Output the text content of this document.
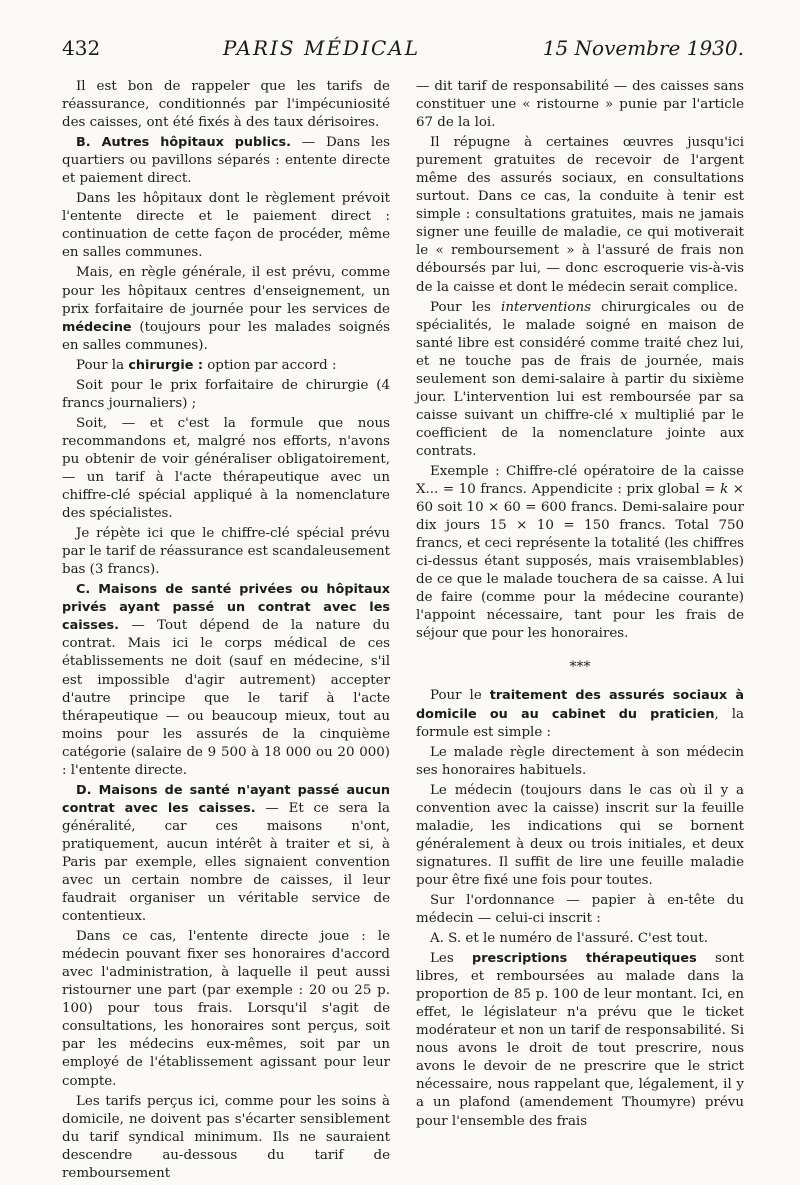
432	PARIS MÉDICAL	15 Novembre 1930.

Il est bon de rappeler que les tarifs de réassurance, conditionnés par l'impécuniosité des caisses, ont été fixés à des taux dérisoires.

B. Autres hôpitaux publics. — Dans les quartiers ou pavillons séparés : entente directe et paiement direct.

Dans les hôpitaux dont le règlement prévoit l'entente directe et le paiement direct : continuation de cette façon de procéder, même en salles communes.

Mais, en règle générale, il est prévu, comme pour les hôpitaux centres d'enseignement, un prix forfaitaire de journée pour les services de médecine (toujours pour les malades soignés en salles communes).

Pour la chirurgie : option par accord :

Soit pour le prix forfaitaire de chirurgie (4 francs journaliers) ;

Soit, — et c'est la formule que nous recommandons et, malgré nos efforts, n'avons pu obtenir de voir généraliser obligatoirement, — un tarif à l'acte thérapeutique avec un chiffre-clé spécial appliqué à la nomenclature des spécialistes.

Je répète ici que le chiffre-clé spécial prévu par le tarif de réassurance est scandaleusement bas (3 francs).

C. Maisons de santé privées ou hôpitaux privés ayant passé un contrat avec les caisses. — Tout dépend de la nature du contrat. Mais ici le corps médical de ces établissements ne doit (sauf en médecine, s'il est impossible d'agir autrement) accepter d'autre principe que le tarif à l'acte thérapeutique — ou beaucoup mieux, tout au moins pour les assurés de la cinquième catégorie (salaire de 9 500 à 18 000 ou 20 000) : l'entente directe.

D. Maisons de santé n'ayant passé aucun contrat avec les caisses. — Et ce sera la généralité, car ces maisons n'ont, pratiquement, aucun intérêt à traiter et si, à Paris par exemple, elles signaient convention avec un certain nombre de caisses, il leur faudrait organiser un véritable service de contentieux.

Dans ce cas, l'entente directe joue : le médecin pouvant fixer ses honoraires d'accord avec l'administration, à laquelle il peut aussi ristourner une part (par exemple : 20 ou 25 p. 100) pour tous frais. Lorsqu'il s'agit de consultations, les honoraires sont perçus, soit par les médecins eux-mêmes, soit par un employé de l'établissement agissant pour leur compte.

Les tarifs perçus ici, comme pour les soins à domicile, ne doivent pas s'écarter sensiblement du tarif syndical minimum. Ils ne sauraient descendre au-dessous du tarif de remboursement

— dit tarif de responsabilité — des caisses sans constituer une « ristourne » punie par l'article 67 de la loi.

Il répugne à certaines œuvres jusqu'ici purement gratuites de recevoir de l'argent même des assurés sociaux, en consultations surtout. Dans ce cas, la conduite à tenir est simple : consultations gratuites, mais ne jamais signer une feuille de maladie, ce qui motiverait le « remboursement » à l'assuré de frais non déboursés par lui, — donc escroquerie vis-à-vis de la caisse et dont le médecin serait complice.

Pour les interventions chirurgicales ou de spécialités, le malade soigné en maison de santé libre est considéré comme traité chez lui, et ne touche pas de frais de journée, mais seulement son demi-salaire à partir du sixième jour. L'intervention lui est remboursée par sa caisse suivant un chiffre-clé x multiplié par le coefficient de la nomenclature jointe aux contrats.

Exemple : Chiffre-clé opératoire de la caisse X... = 10 francs. Appendicite : prix global = k × 60 soit 10 × 60 = 600 francs. Demi-salaire pour dix jours 15 × 10 = 150 francs. Total 750 francs, et ceci représente la totalité (les chiffres ci-dessus étant supposés, mais vraisemblables) de ce que le malade touchera de sa caisse. A lui de faire (comme pour la médecine courante) l'appoint nécessaire, tant pour les frais de séjour que pour les honoraires.

***

Pour le traitement des assurés sociaux à domicile ou au cabinet du praticien, la formule est simple :

Le malade règle directement à son médecin ses honoraires habituels.

Le médecin (toujours dans le cas où il y a convention avec la caisse) inscrit sur la feuille maladie, les indications qui se bornent généralement à deux ou trois initiales, et deux signatures. Il suffit de lire une feuille maladie pour être fixé une fois pour toutes.

Sur l'ordonnance — papier à en-tête du médecin — celui-ci inscrit :

A. S. et le numéro de l'assuré. C'est tout.

Les prescriptions thérapeutiques sont libres, et remboursées au malade dans la proportion de 85 p. 100 de leur montant. Ici, en effet, le législateur n'a prévu que le ticket modérateur et non un tarif de responsabilité. Si nous avons le droit de tout prescrire, nous avons le devoir de ne prescrire que le strict nécessaire, nous rappelant que, légalement, il y a un plafond (amendement Thoumyre) prévu pour l'ensemble des frais
